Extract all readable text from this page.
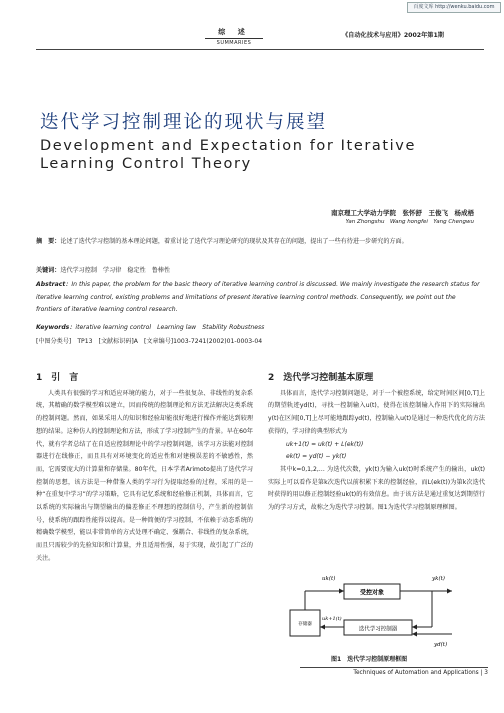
百度文库 http://wenku.baidu.com
综 述
SUMMARIES
《自动化技术与应用》2002年第1期
迭代学习控制理论的现状与展望
Development and Expectation for Iterative Learning Control Theory
南京理工大学动力学院　张怀舒　王俊飞　杨成梧
Yan Zhongshu　Wang hongfei　Yang Chengwu
摘　要：论述了迭代学习控制的基本理论问题，着重讨论了迭代学习理论研究的现状及其存在的问题，提出了一些有待进一步研究的方面。
关键词：迭代学习控制　学习律　稳定性　鲁棒性
Abstract：In this paper, the problem for the basic theory of iterative learning control is discussed. We mainly investigate the research status for iterative learning control, existing problems and limitations of present iterative learning control methods. Consequently, we point out the frontiers of iterative learning control research.
Keywords：iterative learning control　Learning law　Stability Robustness
[中图分类号]　TP13　[文献标识码]A　[文章编号]1003-7241(2002)01-0003-04
1　引　言

人类具有很强的学习和适应环境的能力，对于一些很复杂、非线性的复杂系统，其精确的数学模型难以建立，因而传统的控制理论和方法无法解决这类系统的控制问题。然而，如果采用人的知识和经验却能很好地进行操作并能达到较理想的结果。这种仿人的控制理论和方法，形成了学习控制产生的背景。早在60年代，就有学者总结了在自适应控制理论中的学习控制问题，该学习方法能对控制器进行在线修正，而且具有对环境变化的适应性和对建模误差的不敏感性，然而，它需要庞大的计算量和存储量。80年代，日本学者Arimoto提出了迭代学习控制的思想，该方法是一种借鉴人类的学习行为提取经验的过程，采用的是一种“在重复中学习”的学习策略，它具有记忆系统和经验修正机制，具体而言，它以系统的实际输出与期望输出的偏差修正不理想的控制信号，产生新的控制信号，使系统的跟踪性能得以提高。是一种简便的学习控制，不依赖于动态系统的精确数学模型，能以非常简单的方式处理不确定、强耦合、非线性的复杂系统，而且只需较少的先验知识和计算量，并且适用性强，易于实现，故引起了广泛的关注。

2　迭代学习控制基本原理

具体而言，迭代学习控制问题是，对于一个被控系统，给定时间区间[0,T]上的期望轨迹yd(t)，寻找一控制输入u(t)，使得在该控制输入作用下的实际输出y(t)在区间[0,T]上尽可能地跟踪yd(t)，控制输入u(t)是通过一种迭代优化的方法获得的，学习律的典型形式为

uk+1(t) = uk(t) + L(ek(t))
ek(t) = yd(t) − yk(t)

其中k=0,1,2,… 为迭代次数，yk(t)为输入uk(t)时系统产生的输出，uk(t)实际上可以看作是第k次迭代以前积累下来的控制经验，而L(ek(t))为第k次迭代时获得的用以修正控制经验uk(t)的有效信息。由于该方法是通过重复达到期望行为的学习方式，故称之为迭代学习控制。图1为迭代学习控制原理框图。

受控对象
迭代学习控制器
存储器
uk(t)	yk(t)
uk+1(t)
yd(t)
图1　迭代学习控制原理框图
Techniques of Automation and Applications | 3
